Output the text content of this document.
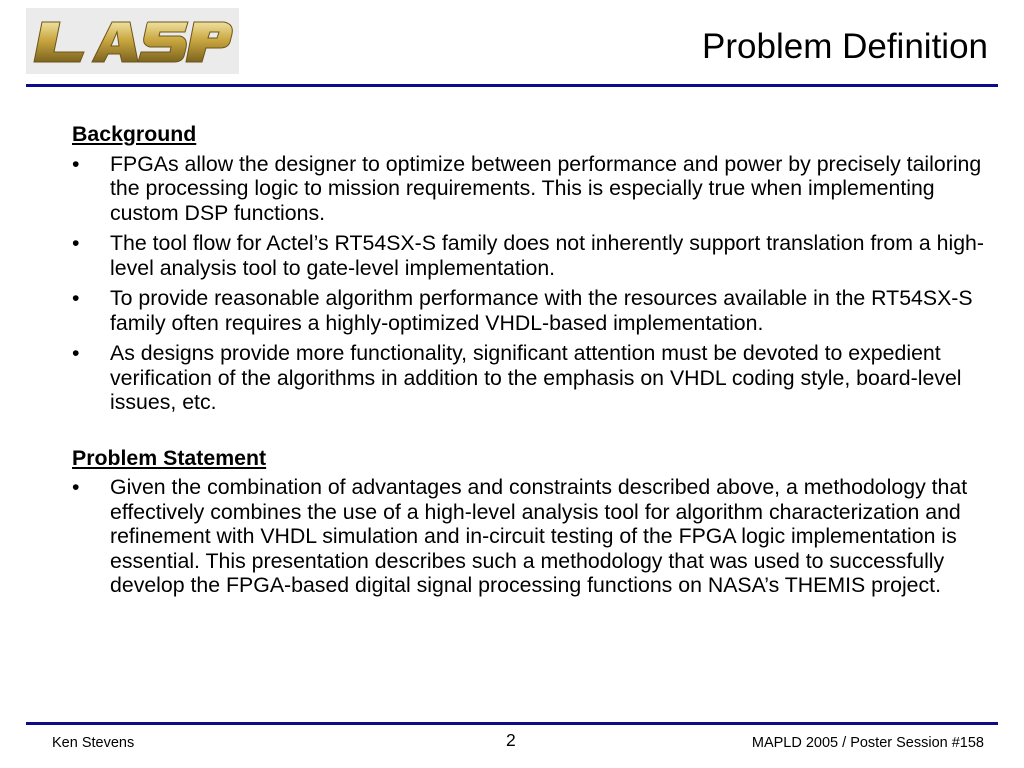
Problem Definition
Background
• FPGAs allow the designer to optimize between performance and power by precisely tailoring the processing logic to mission requirements. This is especially true when implementing custom DSP functions.
• The tool flow for Actel’s RT54SX-S family does not inherently support translation from a high-level analysis tool to gate-level implementation.
• To provide reasonable algorithm performance with the resources available in the RT54SX-S family often requires a highly-optimized VHDL-based implementation.
• As designs provide more functionality, significant attention must be devoted to expedient verification of the algorithms in addition to the emphasis on VHDL coding style, board-level issues, etc.
Problem Statement
• Given the combination of advantages and constraints described above, a methodology that effectively combines the use of a high-level analysis tool for algorithm characterization and refinement with VHDL simulation and in-circuit testing of the FPGA logic implementation is essential. This presentation describes such a methodology that was used to successfully develop the FPGA-based digital signal processing functions on NASA’s THEMIS project.
Ken Stevens	2	MAPLD 2005 / Poster Session #158
